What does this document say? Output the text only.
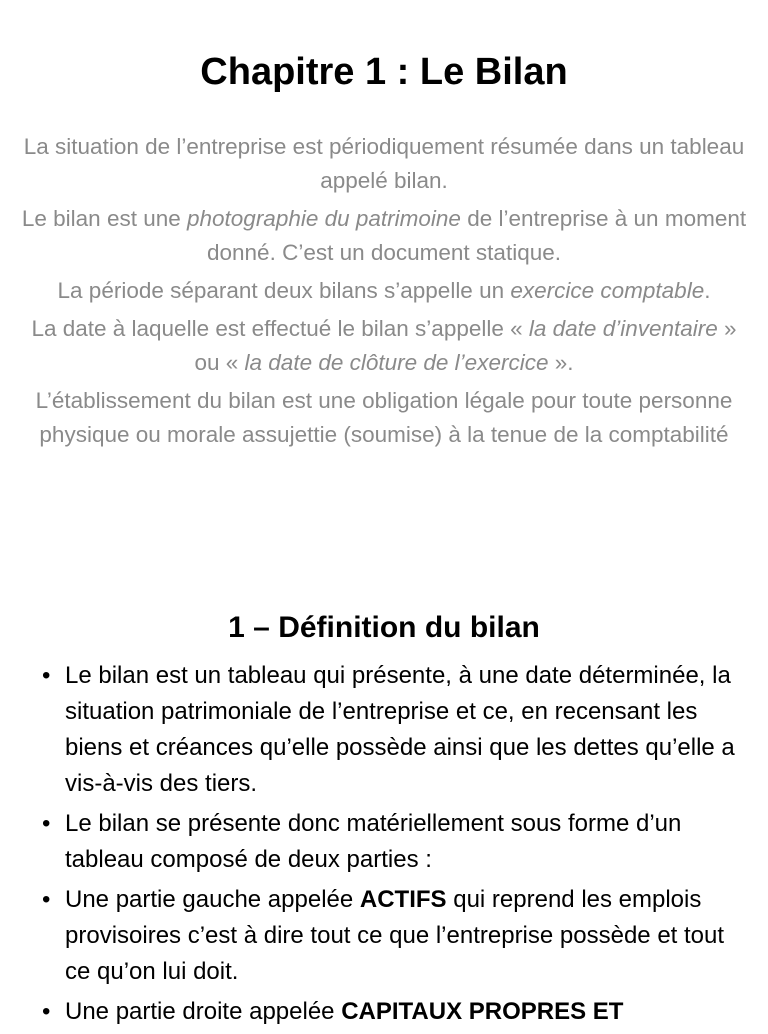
Chapitre 1 : Le Bilan

La situation de l’entreprise est périodiquement résumée dans un tableau appelé bilan.

Le bilan est une photographie du patrimoine de l’entreprise à un moment donné. C’est un document statique.

La période séparant deux bilans s’appelle un exercice comptable.

La date à laquelle est effectué le bilan s’appelle « la date d’inventaire » ou « la date de clôture de l’exercice ».

L’établissement du bilan est une obligation légale pour toute personne physique ou morale assujettie (soumise) à la tenue de la comptabilité

1 – Définition du bilan
• Le bilan est un tableau qui présente, à une date déterminée, la situation patrimoniale de l’entreprise et ce, en recensant les biens et créances qu’elle possède ainsi que les dettes qu’elle a vis-à-vis des tiers.
• Le bilan se présente donc matériellement sous forme d’un tableau composé de deux parties :
• Une partie gauche appelée ACTIFS qui reprend les emplois provisoires c’est à dire tout ce que l’entreprise possède et tout ce qu’on lui doit.
• Une partie droite appelée CAPITAUX PROPRES ET
